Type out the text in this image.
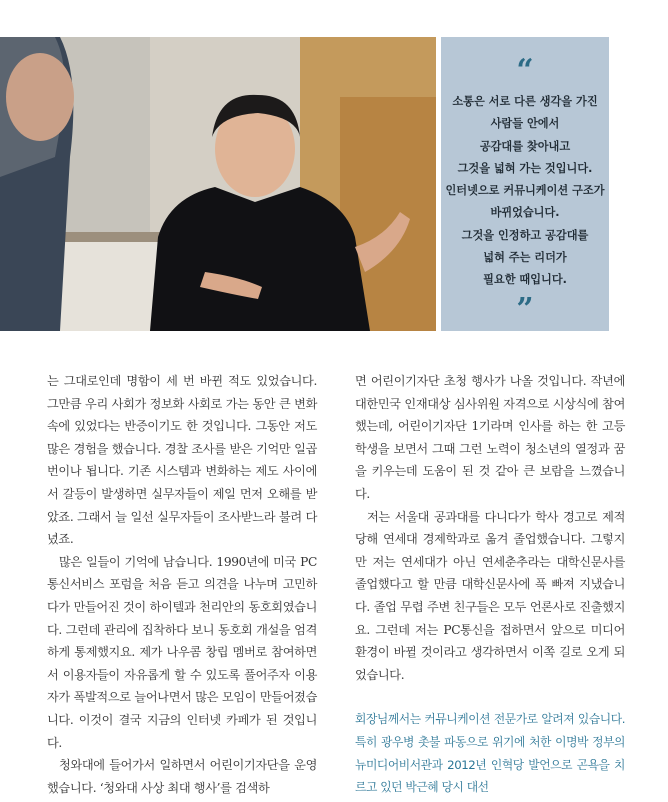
“
소통은 서로 다른 생각을 가진
사람들 안에서
공감대를 찾아내고
그것을 넓혀 가는 것입니다.
인터넷으로 커뮤니케이션 구조가
바뀌었습니다.
그것을 인정하고 공감대를
넓혀 주는 리더가
필요한 때입니다.
”

는 그대로인데 명함이 세 번 바뀐 적도 있었습니다. 그만큼 우리 사회가 정보화 사회로 가는 동안 큰 변화 속에 있었다는 반증이기도 한 것입니다. 그동안 저도 많은 경험을 했습니다. 경찰 조사를 받은 기억만 일곱 번이나 됩니다. 기존 시스템과 변화하는 제도 사이에서 갈등이 발생하면 실무자들이 제일 먼저 오해를 받았죠. 그래서 늘 일선 실무자들이 조사받느라 불려 다녔죠.

많은 일들이 기억에 남습니다. 1990년에 미국 PC통신서비스 포럼을 처음 듣고 의견을 나누며 고민하다가 만들어진 것이 하이텔과 천리안의 동호회였습니다. 그런데 관리에 집착하다 보니 동호회 개설을 엄격하게 통제했지요. 제가 나우콤 창립 멤버로 참여하면서 이용자들이 자유롭게 할 수 있도록 풀어주자 이용자가 폭발적으로 늘어나면서 많은 모임이 만들어졌습니다. 이것이 결국 지금의 인터넷 카페가 된 것입니다.

청와대에 들어가서 일하면서 어린이기자단을 운영했습니다. ‘청와대 사상 최대 행사’를 검색하

면 어린이기자단 초청 행사가 나올 것입니다. 작년에 대한민국 인재대상 심사위원 자격으로 시상식에 참여했는데, 어린이기자단 1기라며 인사를 하는 한 고등학생을 보면서 그때 그런 노력이 청소년의 열정과 꿈을 키우는데 도움이 된 것 같아 큰 보람을 느꼈습니다.

저는 서울대 공과대를 다니다가 학사 경고로 제적당해 연세대 경제학과로 옮겨 졸업했습니다. 그렇지만 저는 연세대가 아닌 연세춘추라는 대학신문사를 졸업했다고 할 만큼 대학신문사에 푹 빠져 지냈습니다. 졸업 무렵 주변 친구들은 모두 언론사로 진출했지요. 그런데 저는 PC통신을 접하면서 앞으로 미디어 환경이 바뀔 것이라고 생각하면서 이쪽 길로 오게 되었습니다.

회장님께서는 커뮤니케이션 전문가로 알려져 있습니다. 특히 광우병 촛불 파동으로 위기에 처한 이명박 정부의 뉴미디어비서관과 2012년 인혁당 발언으로 곤욕을 치르고 있던 박근혜 당시 대선
